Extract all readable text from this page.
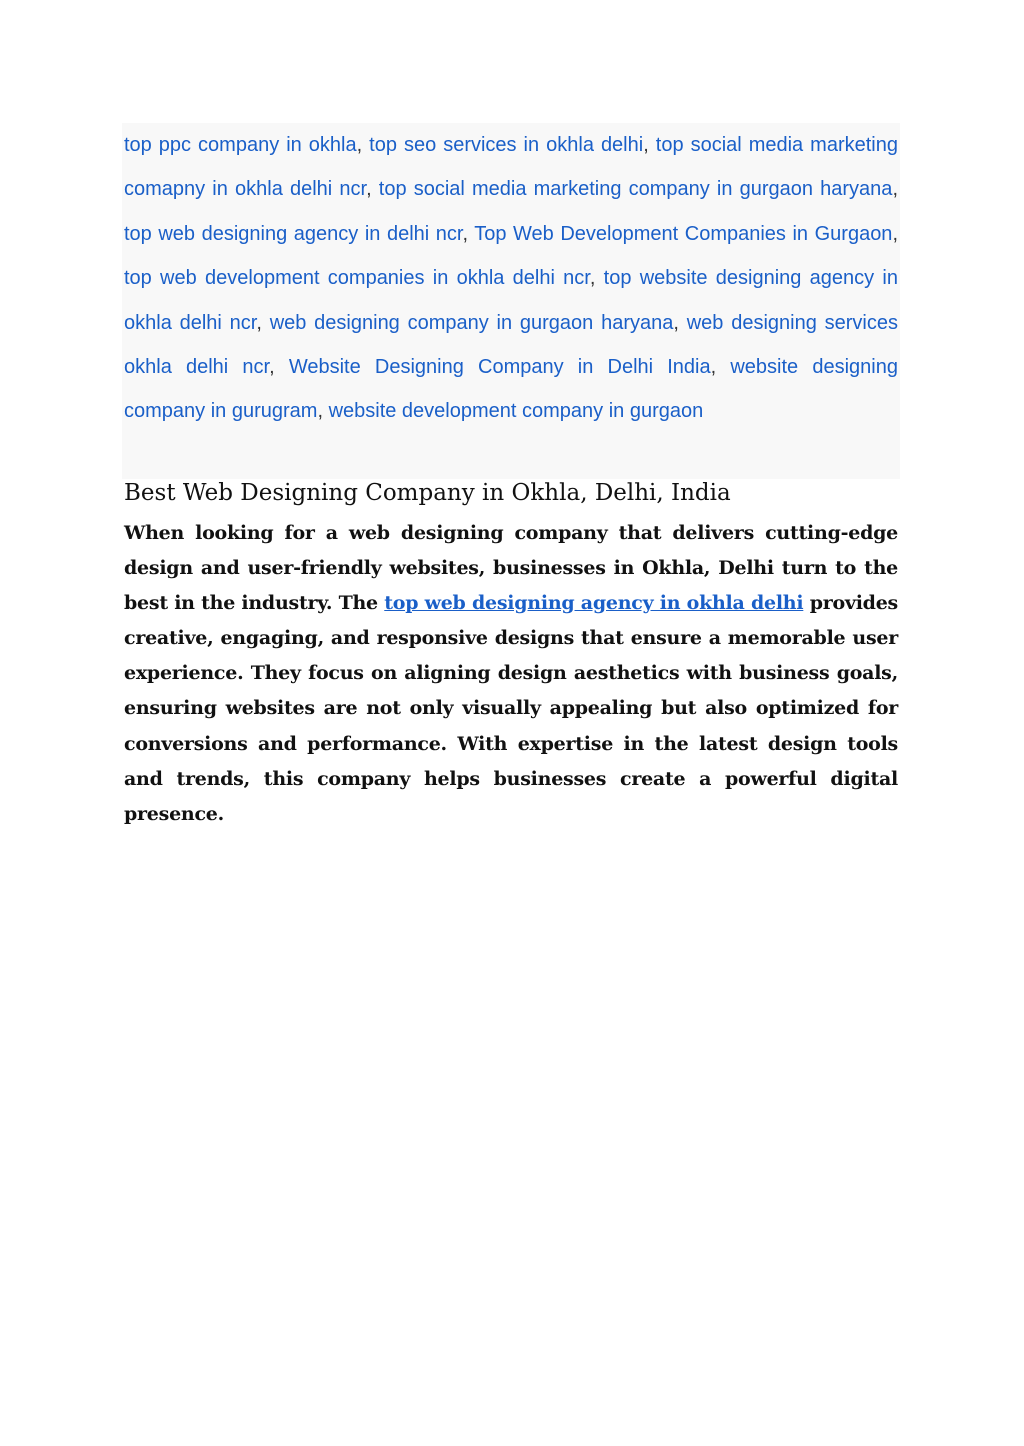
top ppc company in okhla, top seo services in okhla delhi, top social media marketing comapny in okhla delhi ncr, top social media marketing company in gurgaon haryana, top web designing agency in delhi ncr, Top Web Development Companies in Gurgaon, top web development companies in okhla delhi ncr, top website designing agency in okhla delhi ncr, web designing company in gurgaon haryana, web designing services okhla delhi ncr, Website Designing Company in Delhi India, website designing company in gurugram, website development company in gurgaon
Best Web Designing Company in Okhla, Delhi, India

When looking for a web designing company that delivers cutting-edge design and user-friendly websites, businesses in Okhla, Delhi turn to the best in the industry. The top web designing agency in okhla delhi provides creative, engaging, and responsive designs that ensure a memorable user experience. They focus on aligning design aesthetics with business goals, ensuring websites are not only visually appealing but also optimized for conversions and performance. With expertise in the latest design tools and trends, this company helps businesses create a powerful digital presence.
